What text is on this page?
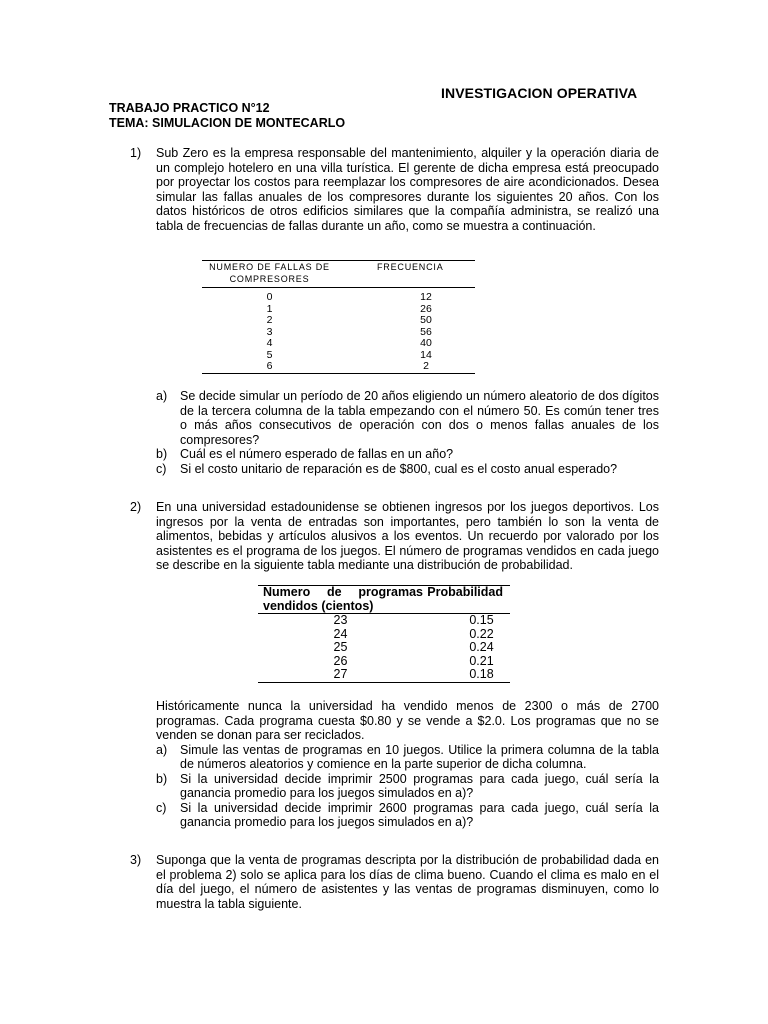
INVESTIGACION OPERATIVA
TRABAJO PRACTICO N°12
TEMA: SIMULACION DE MONTECARLO
1) Sub Zero es la empresa responsable del mantenimiento, alquiler y la operación diaria de un complejo hotelero en una villa turística. El gerente de dicha empresa está preocupado por proyectar los costos para reemplazar los compresores de aire acondicionados. Desea simular las fallas anuales de los compresores durante los siguientes 20 años. Con los datos históricos de otros edificios similares que la compañía administra, se realizó una tabla de frecuencias de fallas durante un año, como se muestra a continuación.

NUMERO DE FALLAS DE COMPRESORES	FRECUENCIA
0	12
1	26
2	50
3	56
4	40
5	14
6	2
a) Se decide simular un período de 20 años eligiendo un número aleatorio de dos dígitos de la tercera columna de la tabla empezando con el número 50. Es común tener tres o más años consecutivos de operación con dos o menos fallas anuales de los compresores?
b) Cuál es el número esperado de fallas en un año?
c) Si el costo unitario de reparación es de $800, cual es el costo anual esperado?
2) En una universidad estadounidense se obtienen ingresos por los juegos deportivos. Los ingresos por la venta de entradas son importantes, pero también lo son la venta de alimentos, bebidas y artículos alusivos a los eventos. Un recuerdo por valorado por los asistentes es el programa de los juegos. El número de programas vendidos en cada juego se describe en la siguiente tabla mediante una distribución de probabilidad.

Numero de programas vendidos (cientos)	Probabilidad
23	0.15
24	0.22
25	0.24
26	0.21
27	0.18

Históricamente nunca la universidad ha vendido menos de 2300 o más de 2700 programas. Cada programa cuesta $0.80 y se vende a $2.0. Los programas que no se venden se donan para ser reciclados.

a) Simule las ventas de programas en 10 juegos. Utilice la primera columna de la tabla de números aleatorios y comience en la parte superior de dicha columna.
b) Si la universidad decide imprimir 2500 programas para cada juego, cuál sería la ganancia promedio para los juegos simulados en a)?
c) Si la universidad decide imprimir 2600 programas para cada juego, cuál sería la ganancia promedio para los juegos simulados en a)?
3) Suponga que la venta de programas descripta por la distribución de probabilidad dada en el problema 2) solo se aplica para los días de clima bueno. Cuando el clima es malo en el día del juego, el número de asistentes y las ventas de programas disminuyen, como lo muestra la tabla siguiente.
